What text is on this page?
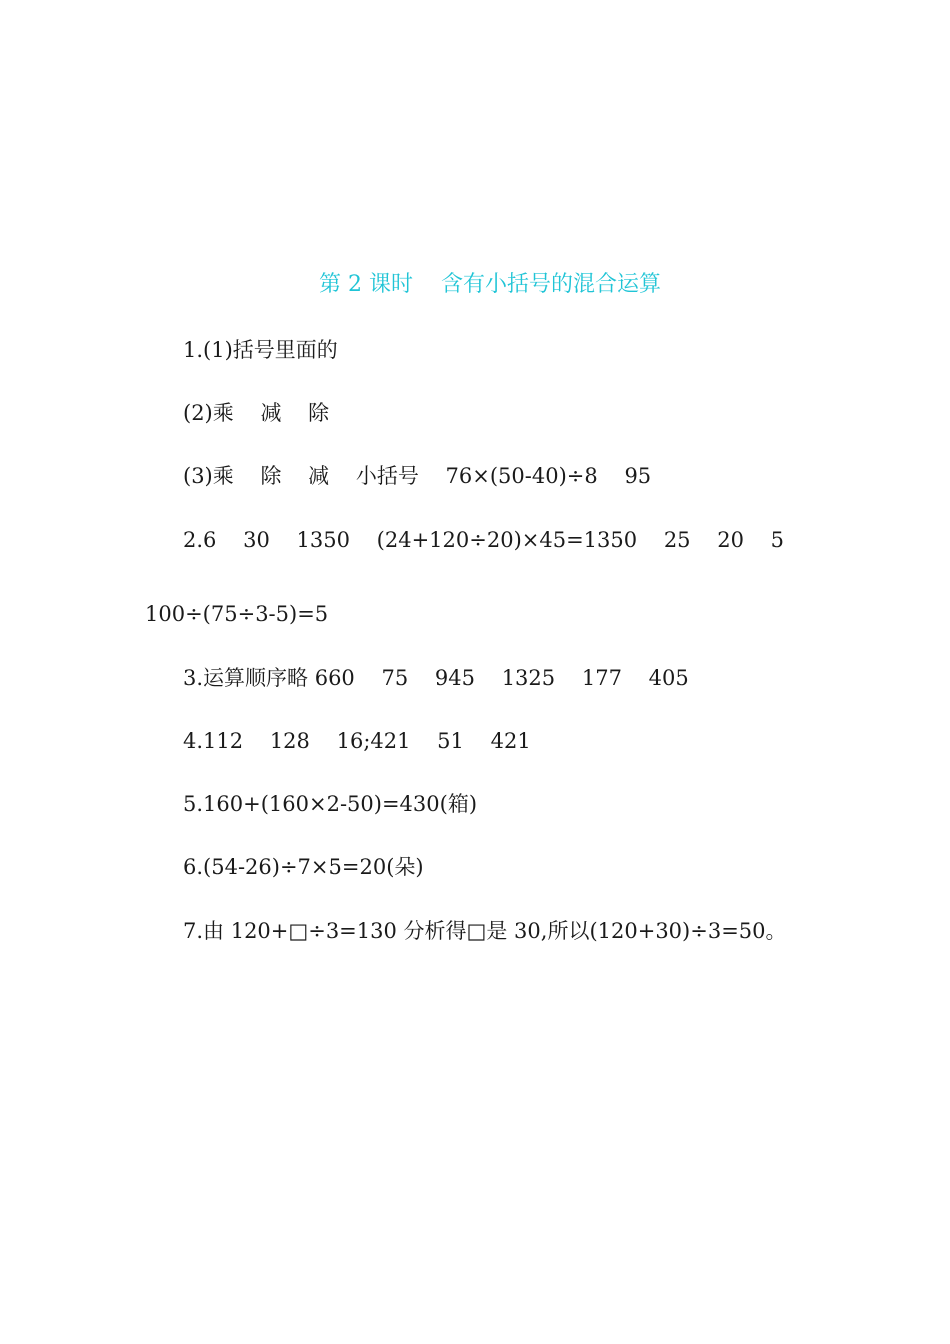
第 2 课时    含有小括号的混合运算
1.(1)括号里面的
(2)乘    减    除
(3)乘    除    减    小括号    76×(50-40)÷8    95
2.6    30    1350    (24+120÷20)×45=1350    25    20    5
100÷(75÷3-5)=5
3.运算顺序略 660    75    945    1325    177    405
4.112    128    16;421    51    421
5.160+(160×2-50)=430(箱)
6.(54-26)÷7×5=20(朵)
7.由 120+□÷3=130 分析得□是 30,所以(120+30)÷3=50。
